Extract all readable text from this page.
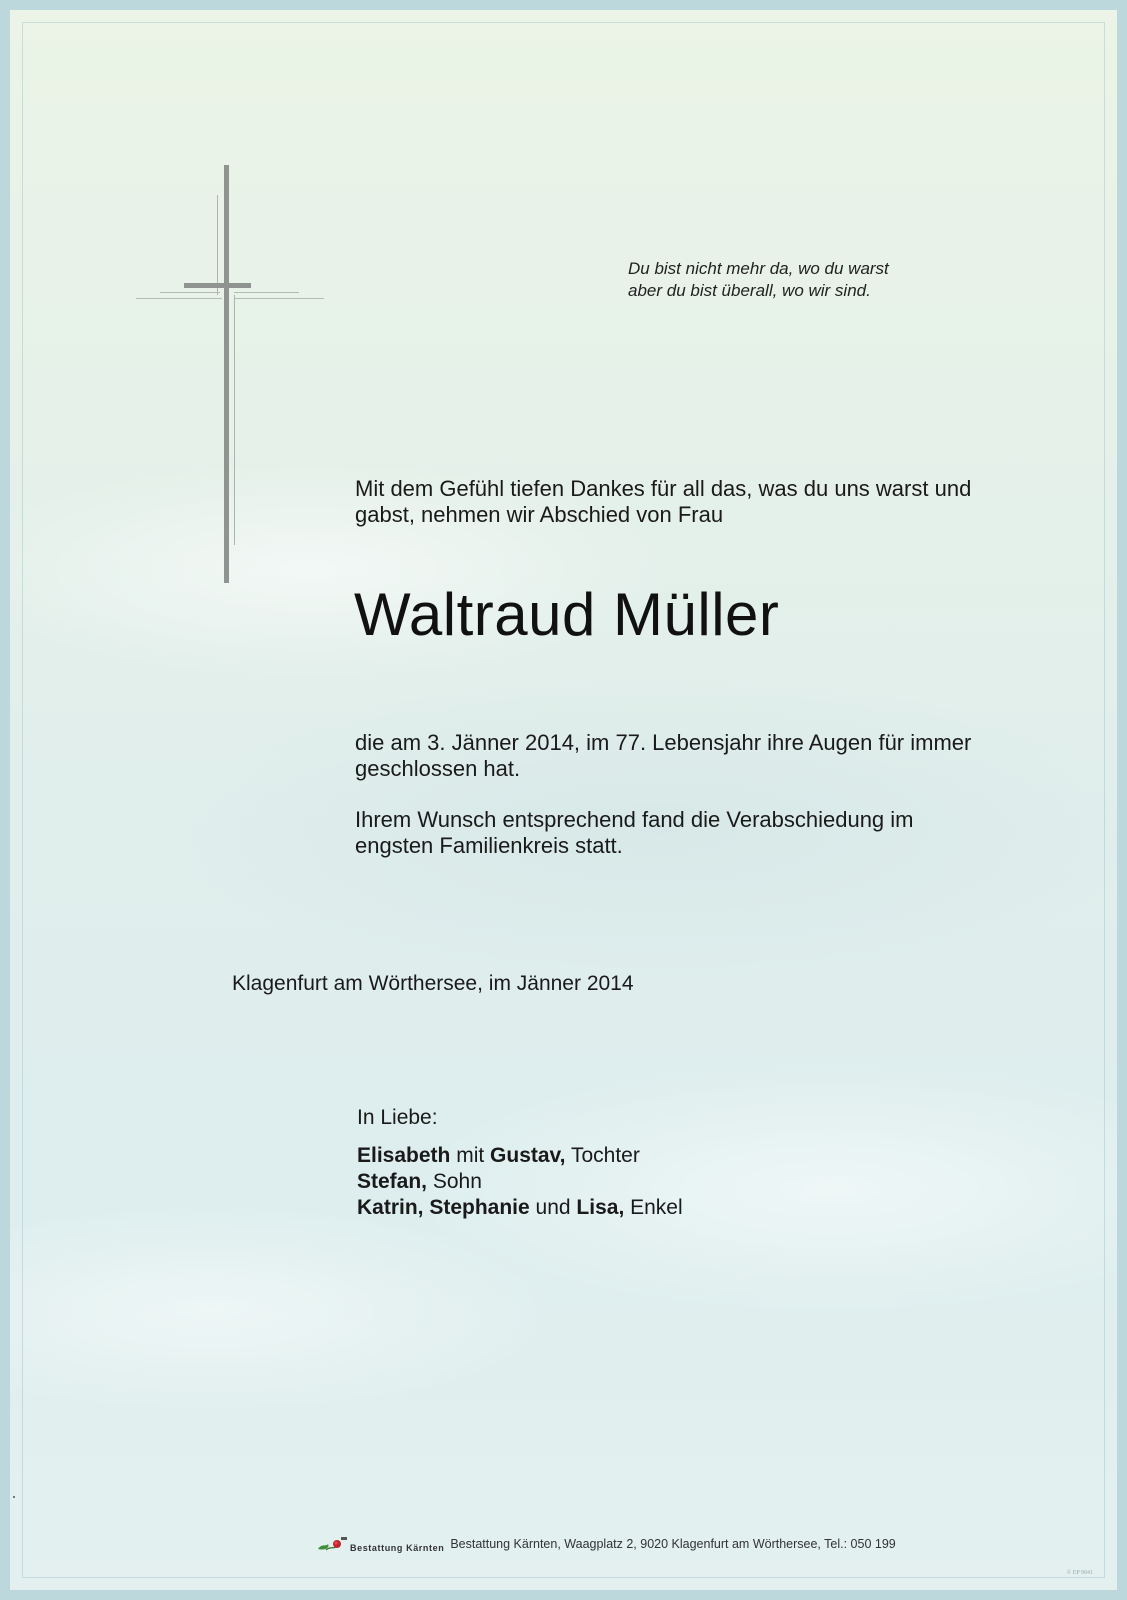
Du bist nicht mehr da, wo du warst
aber du bist überall, wo wir sind.
Mit dem Gefühl tiefen Dankes für all das, was du uns warst und
gabst, nehmen wir Abschied von Frau
Waltraud Müller
die am 3. Jänner 2014, im 77. Lebensjahr ihre Augen für immer
geschlossen hat.
Ihrem Wunsch entsprechend fand die Verabschiedung im
engsten Familienkreis statt.
Klagenfurt am Wörthersee, im Jänner 2014
In Liebe:
Elisabeth mit Gustav, Tochter
Stefan, Sohn
Katrin, Stephanie und Lisa, Enkel
Bestattung Kärnten Bestattung Kärnten, Waagplatz 2, 9020 Klagenfurt am Wörthersee, Tel.: 050 199
© EP 9041
